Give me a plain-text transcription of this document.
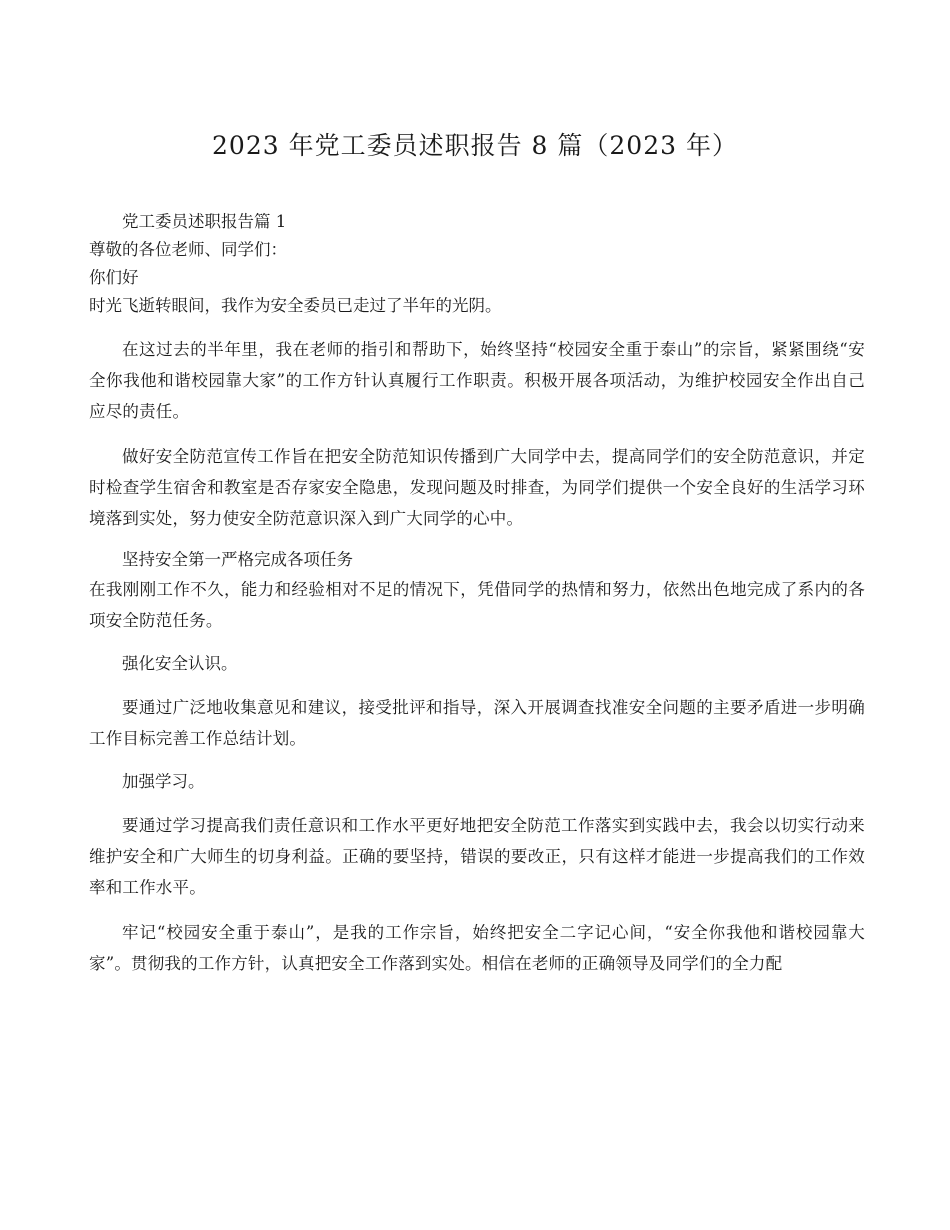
2023 年党工委员述职报告 8 篇（2023 年）

党工委员述职报告篇 1

尊敬的各位老师、同学们：

你们好

时光飞逝转眼间，我作为安全委员已走过了半年的光阴。

在这过去的半年里，我在老师的指引和帮助下，始终坚持“校园安全重于泰山”的宗旨，紧紧围绕“安全你我他和谐校园靠大家”的工作方针认真履行工作职责。积极开展各项活动，为维护校园安全作出自己应尽的责任。

做好安全防范宣传工作旨在把安全防范知识传播到广大同学中去，提高同学们的安全防范意识，并定时检查学生宿舍和教室是否存家安全隐患，发现问题及时排查，为同学们提供一个安全良好的生活学习环境落到实处，努力使安全防范意识深入到广大同学的心中。

坚持安全第一严格完成各项任务

在我刚刚工作不久，能力和经验相对不足的情况下，凭借同学的热情和努力，依然出色地完成了系内的各项安全防范任务。

强化安全认识。

要通过广泛地收集意见和建议，接受批评和指导，深入开展调查找准安全问题的主要矛盾进一步明确工作目标完善工作总结计划。

加强学习。

要通过学习提高我们责任意识和工作水平更好地把安全防范工作落实到实践中去，我会以切实行动来维护安全和广大师生的切身利益。正确的要坚持，错误的要改正，只有这样才能进一步提高我们的工作效率和工作水平。

牢记“校园安全重于泰山”，是我的工作宗旨，始终把安全二字记心间，“安全你我他和谐校园靠大家”。贯彻我的工作方针，认真把安全工作落到实处。相信在老师的正确领导及同学们的全力配
